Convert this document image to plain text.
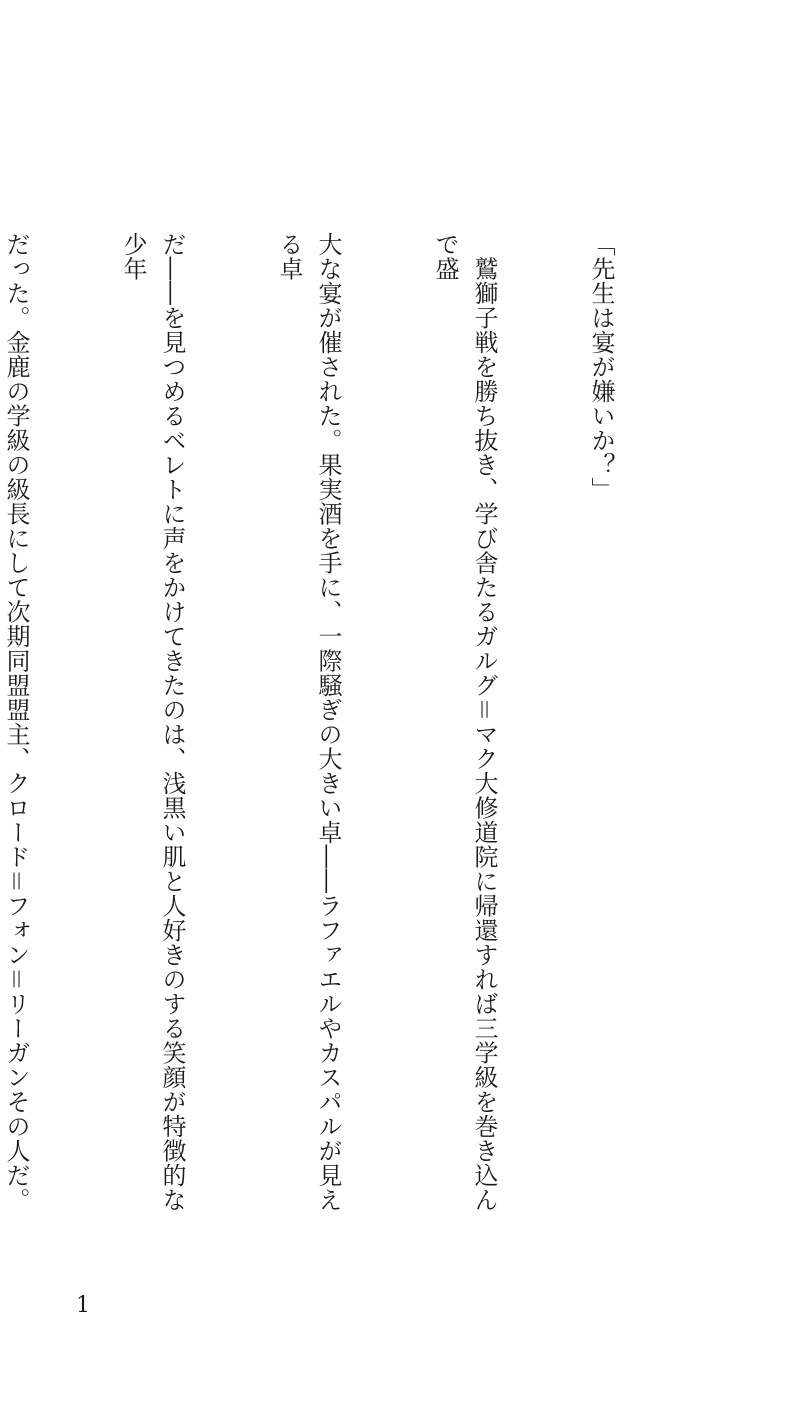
「先生は宴が嫌いか？」

　鷲獅子戦を勝ち抜き、学び舎たるガルグ＝マク大修道院に帰還すれば三学級を巻き込んで盛

大な宴が催された。果実酒を手に、一際騒ぎの大きい卓――ラファエルやカスパルが見える卓

だ――を見つめるベレトに声をかけてきたのは、浅黒い肌と人好きのする笑顔が特徴的な少年

だった。金鹿の学級の級長にして次期同盟盟主、クロード＝フォン＝リーガンその人だ。

1
